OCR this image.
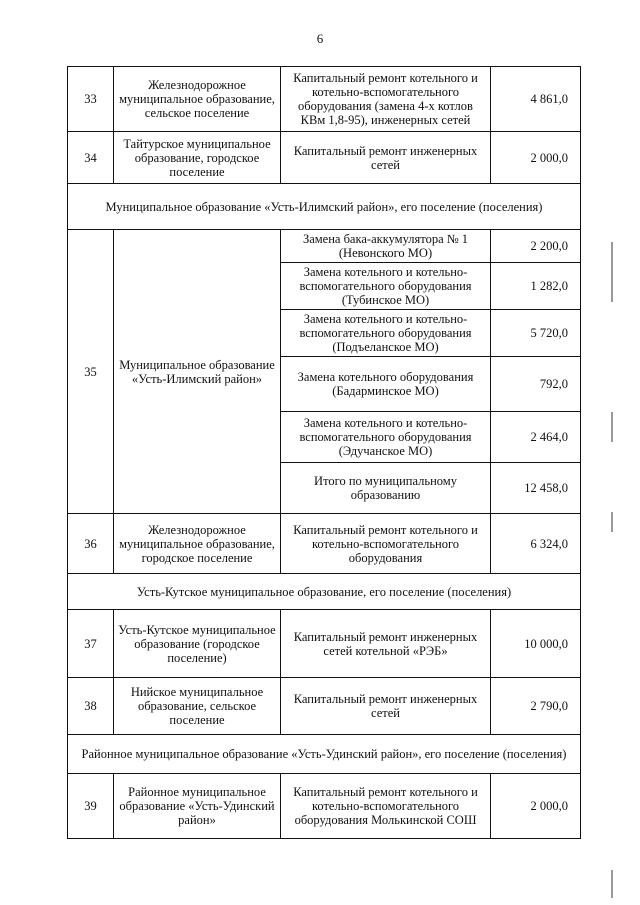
6
33	Железнодорожное муниципальное образование, сельское поселение	Капитальный ремонт котельного и котельно-вспомогательного оборудования (замена 4-х котлов КВм 1,8-95), инженерных сетей	4 861,0
34	Тайтурское муниципальное образование, городское поселение	Капитальный ремонт инженерных сетей	2 000,0
Муниципальное образование «Усть-Илимский район», его поселение (поселения)			
35	Муниципальное образование «Усть-Илимский район»	Замена бака-аккумулятора № 1 (Невонского МО)	2 200,0
		Замена котельного и котельно-вспомогательного оборудования (Тубинское МО)	1 282,0
		Замена котельного и котельно-вспомогательного оборудования (Подъеланское МО)	5 720,0
		Замена котельного оборудования (Бадарминское МО)	792,0
		Замена котельного и котельно-вспомогательного оборудования (Эдучанское МО)	2 464,0
		Итого по муниципальному образованию	12 458,0
36	Железнодорожное муниципальное образование, городское поселение	Капитальный ремонт котельного и котельно-вспомогательного оборудования	6 324,0
Усть-Кутское муниципальное образование, его поселение (поселения)			
37	Усть-Кутское муниципальное образование (городское поселение)	Капитальный ремонт инженерных сетей котельной «РЭБ»	10 000,0
38	Нийское муниципальное образование, сельское поселение	Капитальный ремонт инженерных сетей	2 790,0
Районное муниципальное образование «Усть-Удинский район», его поселение (поселения)			
39	Районное муниципальное образование «Усть-Удинский район»	Капитальный ремонт котельного и котельно-вспомогательного оборудования Молькинской СОШ	2 000,0
